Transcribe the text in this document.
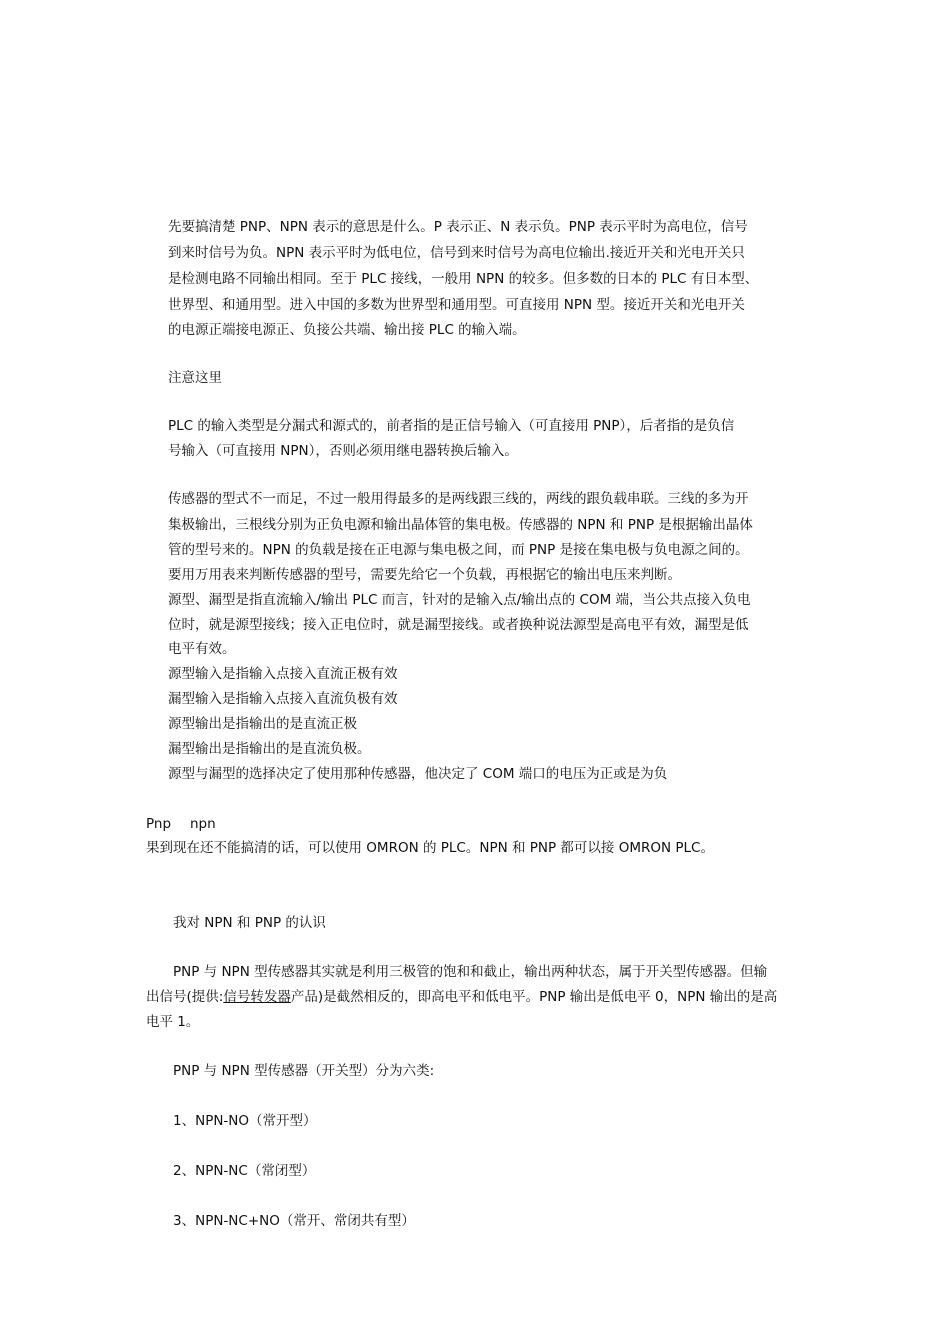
先要搞清楚 PNP、NPN 表示的意思是什么。P 表示正、N 表示负。PNP 表示平时为高电位，信号
到来时信号为负。NPN 表示平时为低电位，信号到来时信号为高电位输出.接近开关和光电开关只
是检测电路不同输出相同。至于 PLC 接线，一般用 NPN 的较多。但多数的日本的 PLC 有日本型、
世界型、和通用型。进入中国的多数为世界型和通用型。可直接用 NPN 型。接近开关和光电开关
的电源正端接电源正、负接公共端、输出接 PLC 的输入端。
注意这里
PLC 的输入类型是分漏式和源式的，前者指的是正信号输入（可直接用 PNP），后者指的是负信
号输入（可直接用 NPN），否则必须用继电器转换后输入。
传感器的型式不一而足，不过一般用得最多的是两线跟三线的，两线的跟负载串联。三线的多为开
集极输出，三根线分别为正负电源和输出晶体管的集电极。传感器的 NPN 和 PNP 是根据输出晶体
管的型号来的。NPN 的负载是接在正电源与集电极之间，而 PNP 是接在集电极与负电源之间的。
要用万用表来判断传感器的型号，需要先给它一个负载，再根据它的输出电压来判断。
源型、漏型是指直流输入/输出 PLC 而言，针对的是输入点/输出点的 COM 端，当公共点接入负电
位时，就是源型接线；接入正电位时，就是漏型接线。或者换种说法源型是高电平有效，漏型是低
电平有效。
源型输入是指输入点接入直流正极有效
漏型输入是指输入点接入直流负极有效
源型输出是指输出的是直流正极
漏型输出是指输出的是直流负极。
源型与漏型的选择决定了使用那种传感器，他决定了 COM 端口的电压为正或是为负
Pnp npn
果到现在还不能搞清的话，可以使用 OMRON 的 PLC。NPN 和 PNP 都可以接 OMRON PLC。
我对 NPN 和 PNP 的认识
PNP 与 NPN 型传感器其实就是利用三极管的饱和和截止，输出两种状态，属于开关型传感器。但输
出信号(提供:信号转发器产品)是截然相反的，即高电平和低电平。PNP 输出是低电平 0，NPN 输出的是高
电平 1。
PNP 与 NPN 型传感器（开关型）分为六类:
1、NPN-NO（常开型）
2、NPN-NC（常闭型）
3、NPN-NC+NO（常开、常闭共有型）
